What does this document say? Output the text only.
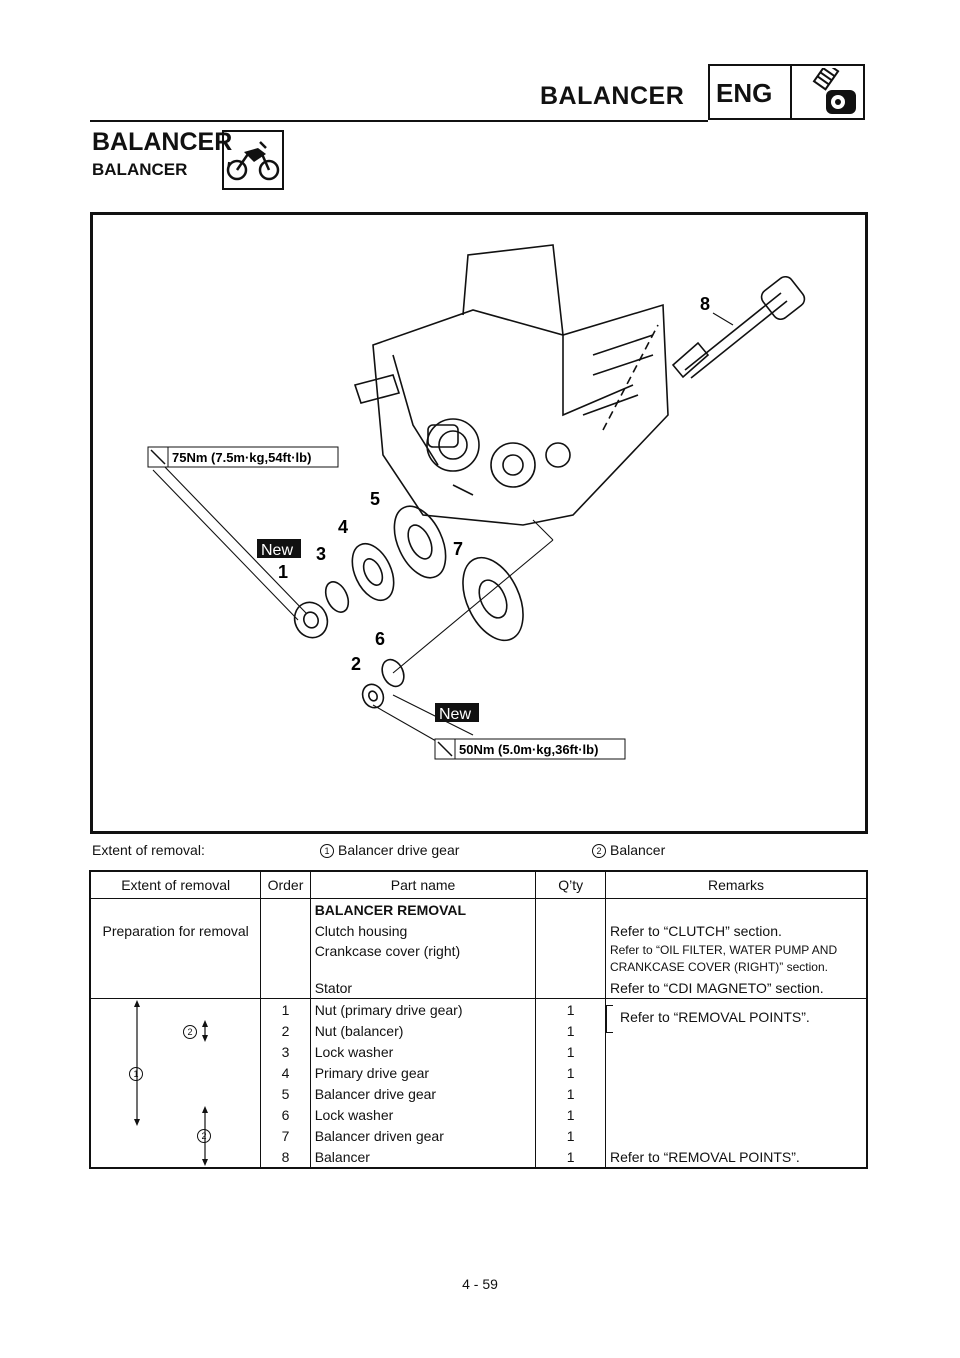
BALANCER ENG
BALANCER
BALANCER
1
2
3
4
5
6
7
8
75Nm (7.5m·kg,54ft·lb)
50Nm (5.0m·kg,36ft·lb)
New
New
Extent of removal:	1 Balancer drive gear	2 Balancer
Extent of removal	Order	Part name	Q’ty	Remarks
		BALANCER REMOVAL		
Preparation for removal		Clutch housing		Refer to “CLUTCH” section.
		Crankcase cover (right)		Refer to “OIL FILTER, WATER PUMP AND CRANKCASE COVER (RIGHT)” section.
		Stator		Refer to “CDI MAGNETO” section.

2
1
2	1	Nut (primary drive gear)	1	Refer to “REMOVAL POINTS”.

	2	Nut (balancer)	1	
	3	Lock washer	1	
	4	Primary drive gear	1	
	5	Balancer drive gear	1	
	6	Lock washer	1	
	7	Balancer driven gear	1	
	8	Balancer	1	Refer to “REMOVAL POINTS”.
4 - 59
